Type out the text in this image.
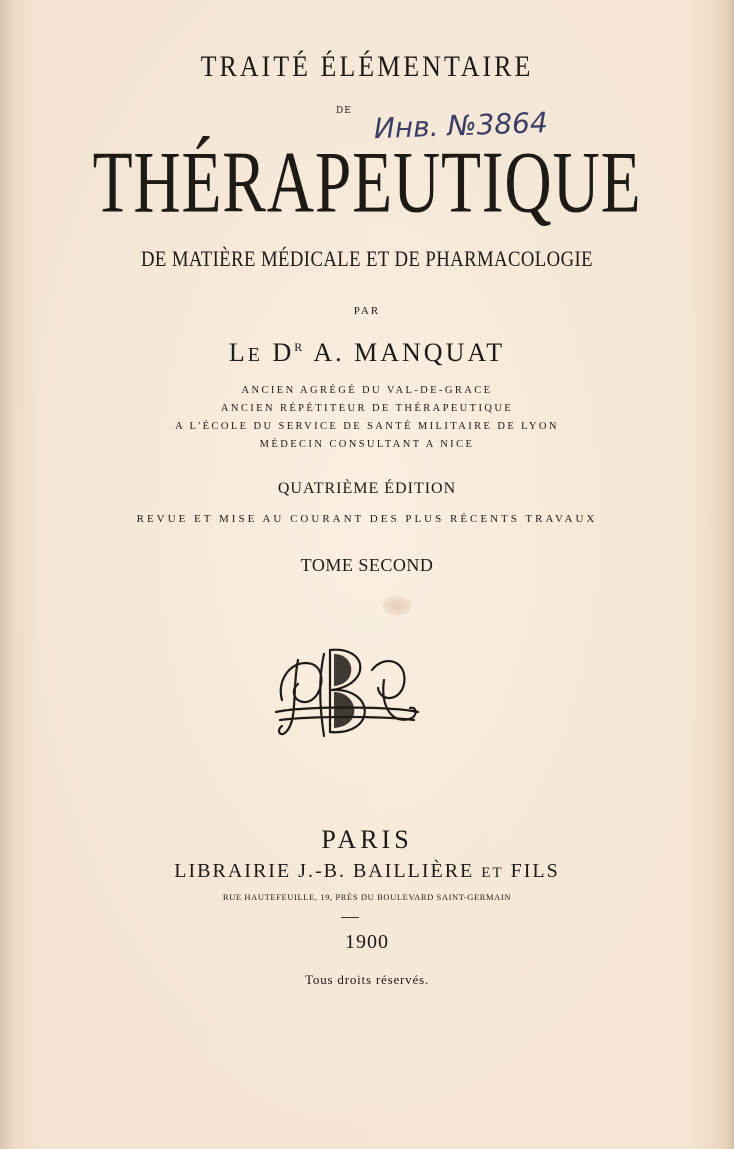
TRAITÉ ÉLÉMENTAIRE

DE Инв. №3864

THÉRAPEUTIQUE

DE MATIÈRE MÉDICALE ET DE PHARMACOLOGIE

PAR

LE $D^R$ A. MANQUAT

ANCIEN AGRÉGÉ DU VAL-DE-GRACE

ANCIEN RÉPÉTITEUR DE THÉRAPEUTIQUE

A L'ÉCOLE DU SERVICE DE SANTÉ MILITAIRE DE LYON

MÉDECIN CONSULTANT A NICE

QUATRIÈME ÉDITION

REVUE ET MISE AU COURANT DES PLUS RÉCENTS TRAVAUX

TOME SECOND

PARIS

LIBRAIRIE J.-B. BAILLIÈRE ET FILS

RUE HAUTEFEUILLE, 19, PRÈS DU BOULEVARD SAINT-GERMAIN

1900

Tous droits réservés.
